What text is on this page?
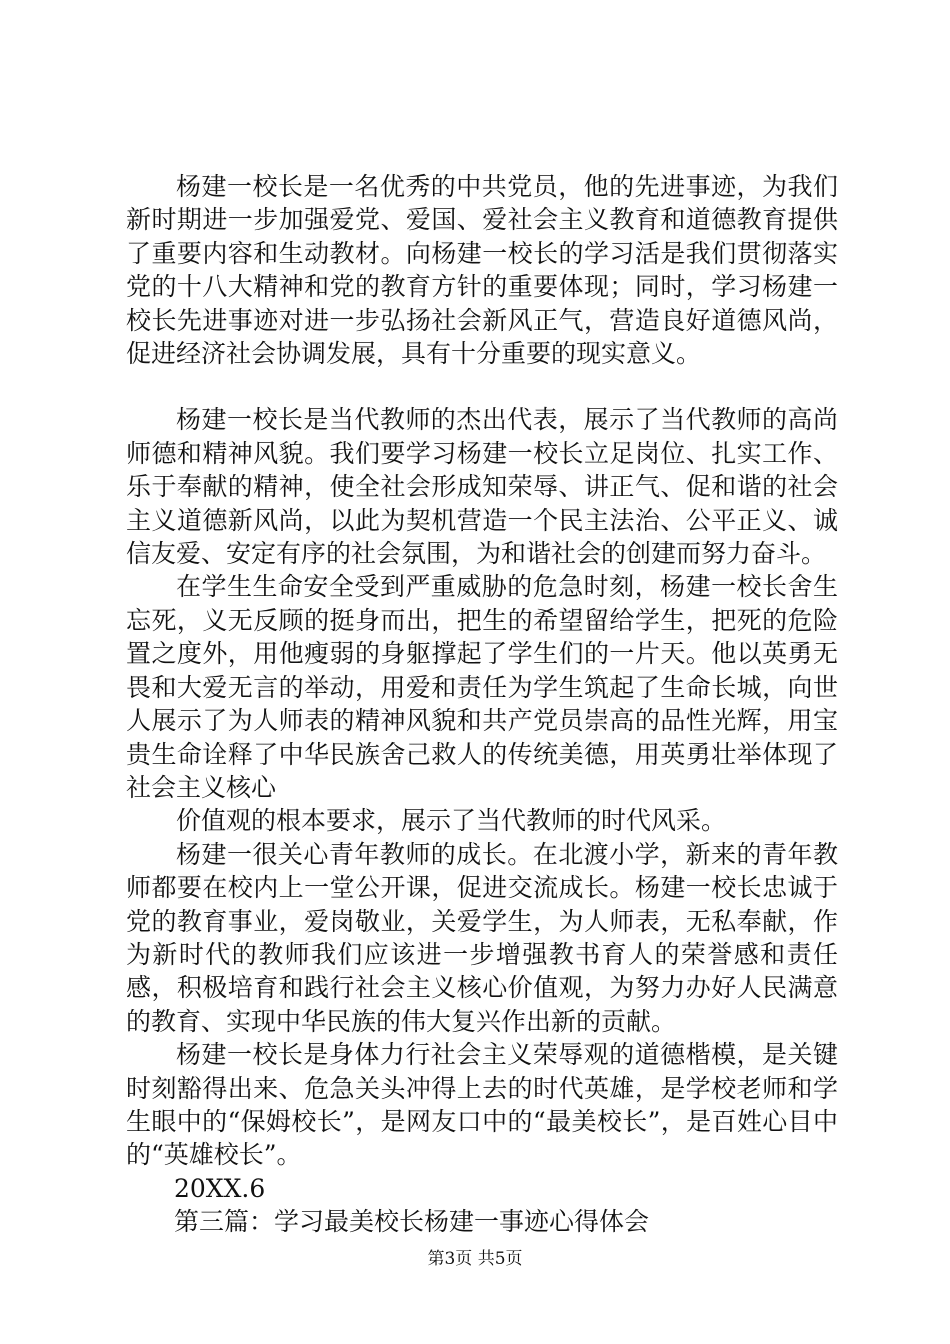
杨建一校长是一名优秀的中共党员，他的先进事迹，为我们新时期进一步加强爱党、爱国、爱社会主义教育和道德教育提供了重要内容和生动教材。向杨建一校长的学习活是我们贯彻落实党的十八大精神和党的教育方针的重要体现；同时，学习杨建一校长先进事迹对进一步弘扬社会新风正气，营造良好道德风尚，促进经济社会协调发展，具有十分重要的现实意义。

杨建一校长是当代教师的杰出代表，展示了当代教师的高尚师德和精神风貌。我们要学习杨建一校长立足岗位、扎实工作、乐于奉献的精神，使全社会形成知荣辱、讲正气、促和谐的社会主义道德新风尚，以此为契机营造一个民主法治、公平正义、诚信友爱、安定有序的社会氛围，为和谐社会的创建而努力奋斗。

在学生生命安全受到严重威胁的危急时刻，杨建一校长舍生忘死，义无反顾的挺身而出，把生的希望留给学生，把死的危险置之度外，用他瘦弱的身躯撑起了学生们的一片天。他以英勇无畏和大爱无言的举动，用爱和责任为学生筑起了生命长城，向世人展示了为人师表的精神风貌和共产党员崇高的品性光辉，用宝贵生命诠释了中华民族舍己救人的传统美德，用英勇壮举体现了社会主义核心

价值观的根本要求，展示了当代教师的时代风采。

杨建一很关心青年教师的成长。在北渡小学，新来的青年教师都要在校内上一堂公开课，促进交流成长。杨建一校长忠诚于党的教育事业，爱岗敬业，关爱学生，为人师表，无私奉献，作为新时代的教师我们应该进一步增强教书育人的荣誉感和责任感，积极培育和践行社会主义核心价值观，为努力办好人民满意的教育、实现中华民族的伟大复兴作出新的贡献。

杨建一校长是身体力行社会主义荣辱观的道德楷模，是关键时刻豁得出来、危急关头冲得上去的时代英雄，是学校老师和学生眼中的“保姆校长”，是网友口中的“最美校长”，是百姓心目中的“英雄校长”。

20XX.6

第三篇：学习最美校长杨建一事迹心得体会

第3页 共5页
